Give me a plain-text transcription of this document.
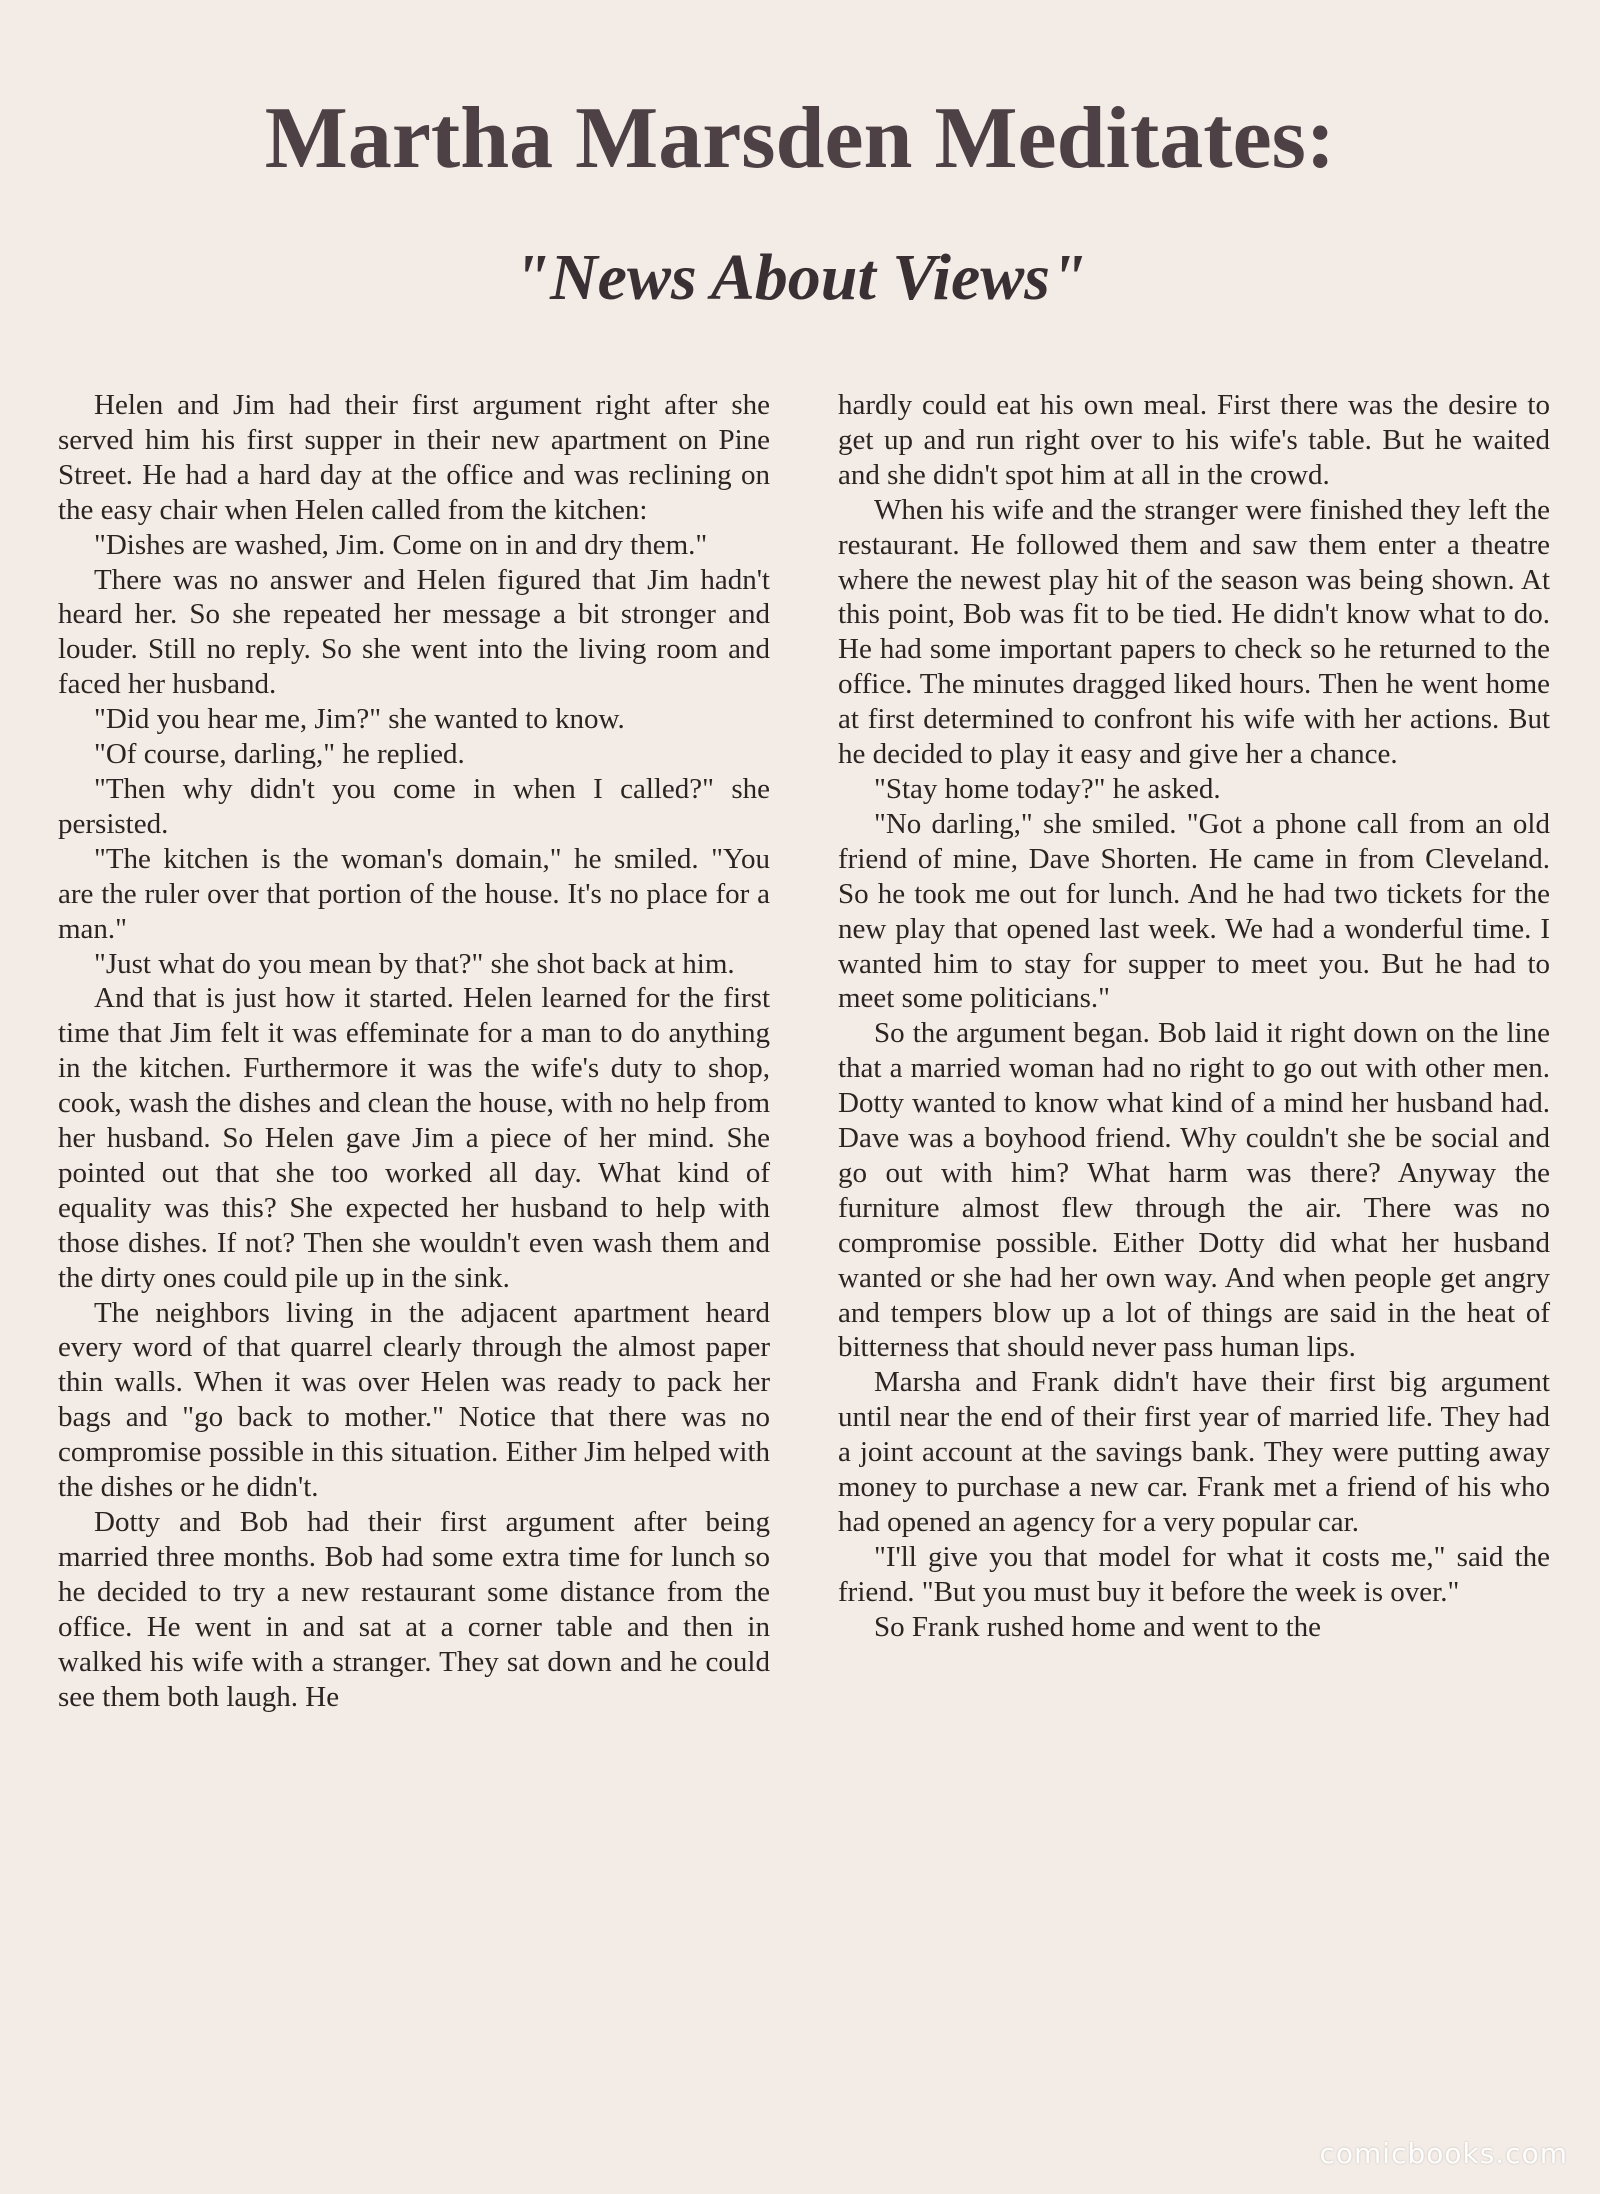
Martha Marsden Meditates:
"News About Views"

Helen and Jim had their first argument right after she served him his first supper in their new apartment on Pine Street. He had a hard day at the office and was reclining on the easy chair when Helen called from the kitchen:

"Dishes are washed, Jim. Come on in and dry them."

There was no answer and Helen figured that Jim hadn't heard her. So she repeated her message a bit stronger and louder. Still no reply. So she went into the living room and faced her husband.

"Did you hear me, Jim?" she wanted to know.

"Of course, darling," he replied.

"Then why didn't you come in when I called?" she persisted.

"The kitchen is the woman's domain," he smiled. "You are the ruler over that portion of the house. It's no place for a man."

"Just what do you mean by that?" she shot back at him.

And that is just how it started. Helen learned for the first time that Jim felt it was effeminate for a man to do anything in the kitchen. Furthermore it was the wife's duty to shop, cook, wash the dishes and clean the house, with no help from her husband. So Helen gave Jim a piece of her mind. She pointed out that she too worked all day. What kind of equality was this? She expected her husband to help with those dishes. If not? Then she wouldn't even wash them and the dirty ones could pile up in the sink.

The neighbors living in the adjacent apartment heard every word of that quarrel clearly through the almost paper thin walls. When it was over Helen was ready to pack her bags and "go back to mother." Notice that there was no compromise possible in this situation. Either Jim helped with the dishes or he didn't.

Dotty and Bob had their first argument after being married three months. Bob had some extra time for lunch so he decided to try a new restaurant some distance from the office. He went in and sat at a corner table and then in walked his wife with a stranger. They sat down and he could see them both laugh. He

hardly could eat his own meal. First there was the desire to get up and run right over to his wife's table. But he waited and she didn't spot him at all in the crowd.

When his wife and the stranger were finished they left the restaurant. He followed them and saw them enter a theatre where the newest play hit of the season was being shown. At this point, Bob was fit to be tied. He didn't know what to do. He had some important papers to check so he returned to the office. The minutes dragged liked hours. Then he went home at first determined to confront his wife with her actions. But he decided to play it easy and give her a chance.

"Stay home today?" he asked.

"No darling," she smiled. "Got a phone call from an old friend of mine, Dave Shorten. He came in from Cleveland. So he took me out for lunch. And he had two tickets for the new play that opened last week. We had a wonderful time. I wanted him to stay for supper to meet you. But he had to meet some politicians."

So the argument began. Bob laid it right down on the line that a married woman had no right to go out with other men. Dotty wanted to know what kind of a mind her husband had. Dave was a boyhood friend. Why couldn't she be social and go out with him? What harm was there? Anyway the furniture almost flew through the air. There was no compromise possible. Either Dotty did what her husband wanted or she had her own way. And when people get angry and tempers blow up a lot of things are said in the heat of bitterness that should never pass human lips.

Marsha and Frank didn't have their first big argument until near the end of their first year of married life. They had a joint account at the savings bank. They were putting away money to purchase a new car. Frank met a friend of his who had opened an agency for a very popular car.

"I'll give you that model for what it costs me," said the friend. "But you must buy it before the week is over."

So Frank rushed home and went to the

comicbooks.com
